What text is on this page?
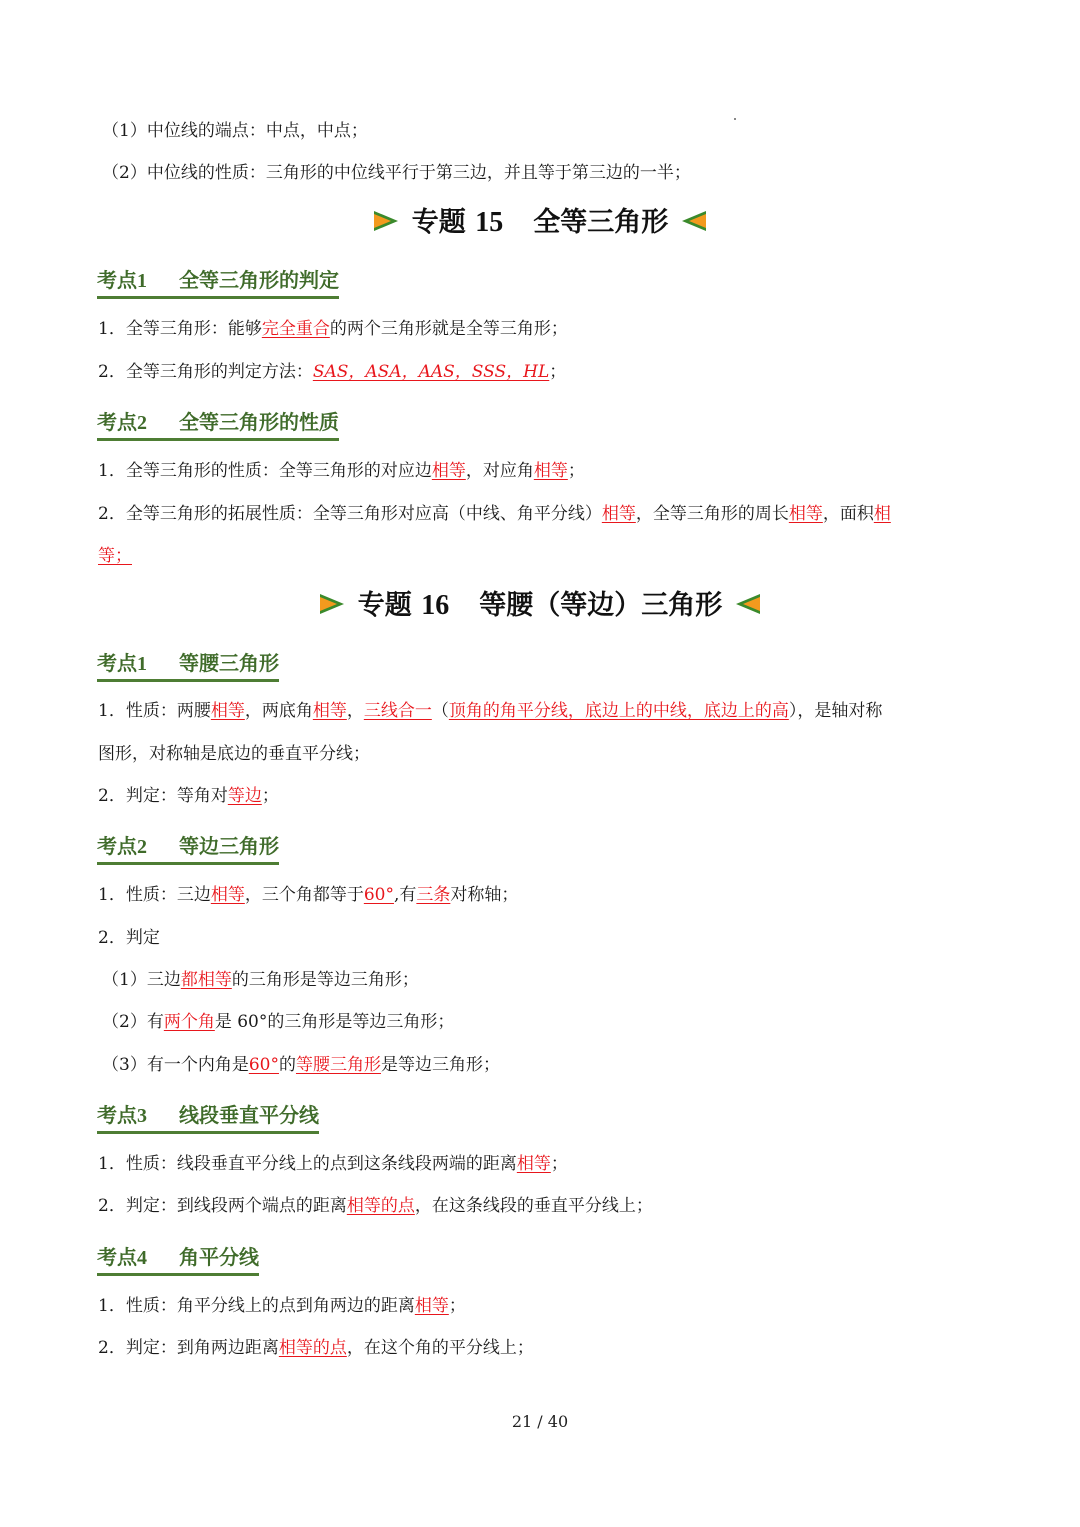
（1）中位线的端点：中点，中点；
（2）中位线的性质：三角形的中位线平行于第三边，并且等于第三边的一半；
专题 15 全等三角形
考点1 全等三角形的判定
1．全等三角形：能够完全重合的两个三角形就是全等三角形；
2．全等三角形的判定方法：SAS，ASA，AAS，SSS，HL；
考点2 全等三角形的性质
1．全等三角形的性质：全等三角形的对应边相等，对应角相等；
2．全等三角形的拓展性质：全等三角形对应高（中线、角平分线）相等，全等三角形的周长相等，面积相
等；
专题 16 等腰（等边）三角形
考点1 等腰三角形
1．性质：两腰相等，两底角相等，三线合一（顶角的角平分线，底边上的中线，底边上的高），是轴对称
图形，对称轴是底边的垂直平分线；
2．判定：等角对等边；
考点2 等边三角形
1．性质：三边相等，三个角都等于60°,有三条对称轴；
2．判定
（1）三边都相等的三角形是等边三角形；
（2）有两个角是 60°的三角形是等边三角形；
（3）有一个内角是60°的等腰三角形是等边三角形；
考点3 线段垂直平分线
1．性质：线段垂直平分线上的点到这条线段两端的距离相等；
2．判定：到线段两个端点的距离相等的点，在这条线段的垂直平分线上；
考点4 角平分线
1．性质：角平分线上的点到角两边的距离相等；
2．判定：到角两边距离相等的点，在这个角的平分线上；
21 / 40
